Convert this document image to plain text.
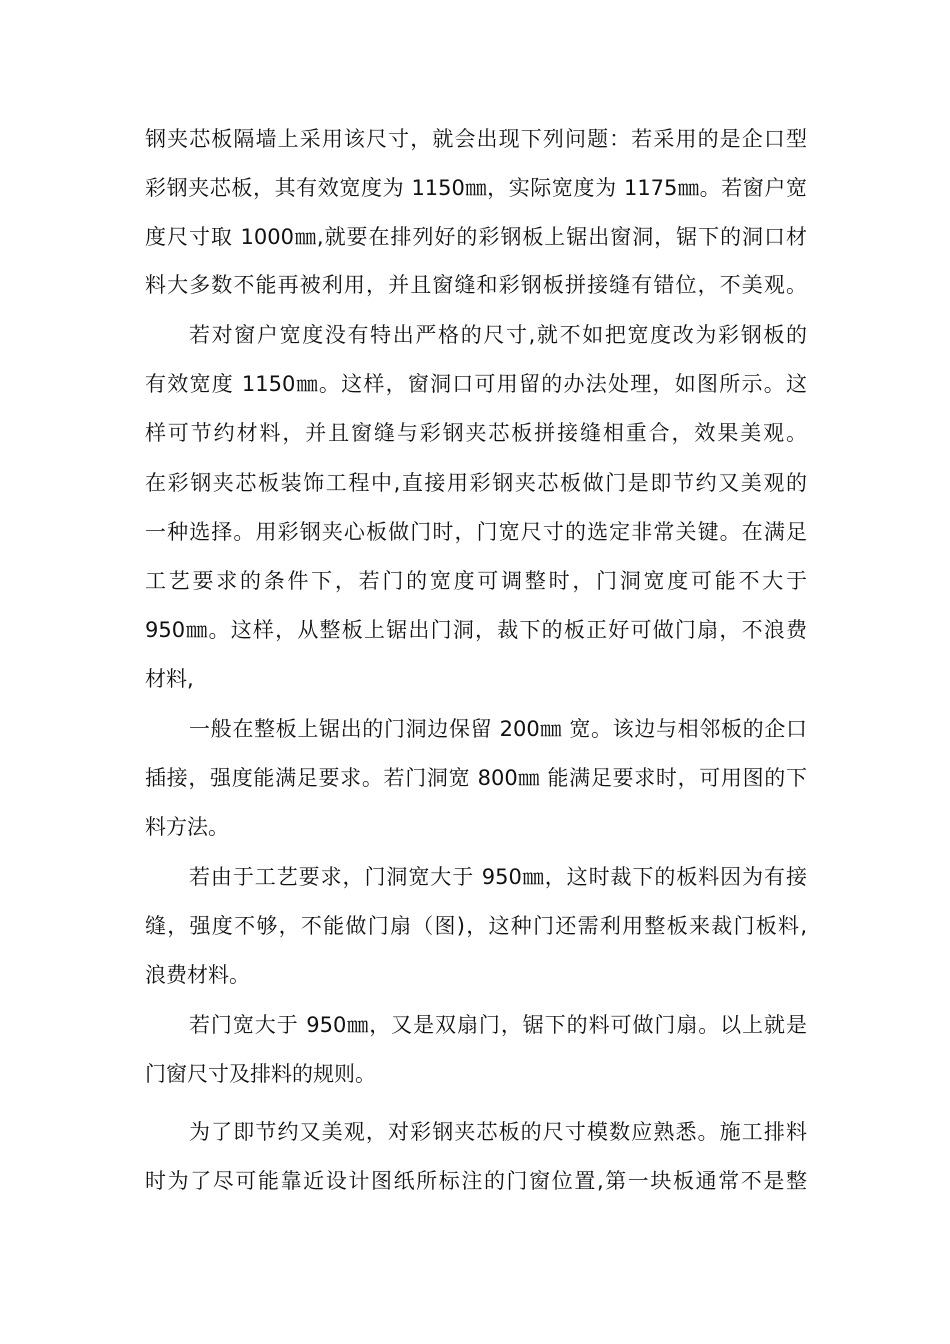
钢夹芯板隔墙上采用该尺寸，就会出现下列问题：若采用的是企口型
彩钢夹芯板，其有效宽度为 1150㎜，实际宽度为 1175㎜。若窗户宽
度尺寸取 1000㎜,就要在排列好的彩钢板上锯出窗洞，锯下的洞口材
料大多数不能再被利用，并且窗缝和彩钢板拼接缝有错位，不美观。
若对窗户宽度没有特出严格的尺寸,就不如把宽度改为彩钢板的
有效宽度 1150㎜。这样，窗洞口可用留的办法处理，如图所示。这
样可节约材料，并且窗缝与彩钢夹芯板拼接缝相重合，效果美观。
在彩钢夹芯板装饰工程中,直接用彩钢夹芯板做门是即节约又美观的
一种选择。用彩钢夹心板做门时，门宽尺寸的选定非常关键。在满足
工艺要求的条件下，若门的宽度可调整时，门洞宽度可能不大于
950㎜。这样，从整板上锯出门洞，裁下的板正好可做门扇，不浪费
材料,
一般在整板上锯出的门洞边保留 200㎜ 宽。该边与相邻板的企口
插接，强度能满足要求。若门洞宽 800㎜ 能满足要求时，可用图的下
料方法。
若由于工艺要求，门洞宽大于 950㎜，这时裁下的板料因为有接
缝，强度不够，不能做门扇（图)，这种门还需利用整板来裁门板料,
浪费材料。
若门宽大于 950㎜，又是双扇门，锯下的料可做门扇。以上就是
门窗尺寸及排料的规则。
为了即节约又美观，对彩钢夹芯板的尺寸模数应熟悉。施工排料
时为了尽可能靠近设计图纸所标注的门窗位置,第一块板通常不是整
